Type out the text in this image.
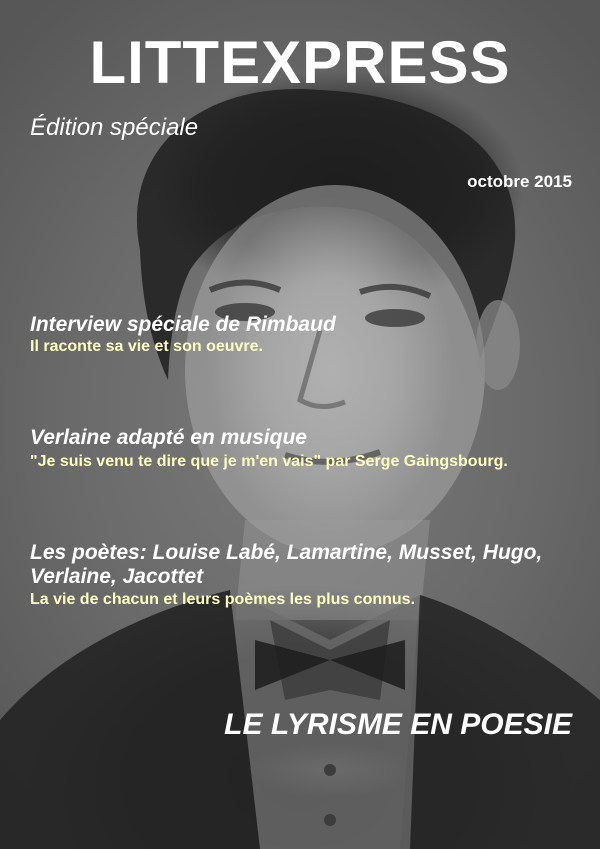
LITTEXPRESS
Édition spéciale
octobre 2015
Interview spéciale de Rimbaud
Il raconte sa vie et son oeuvre.
Verlaine adapté en musique
"Je suis venu te dire que je m'en vais" par Serge Gaingsbourg.
Les poètes: Louise Labé, Lamartine, Musset, Hugo, Verlaine, Jacottet
La vie de chacun et leurs poèmes les plus connus.
LE LYRISME EN POESIE
